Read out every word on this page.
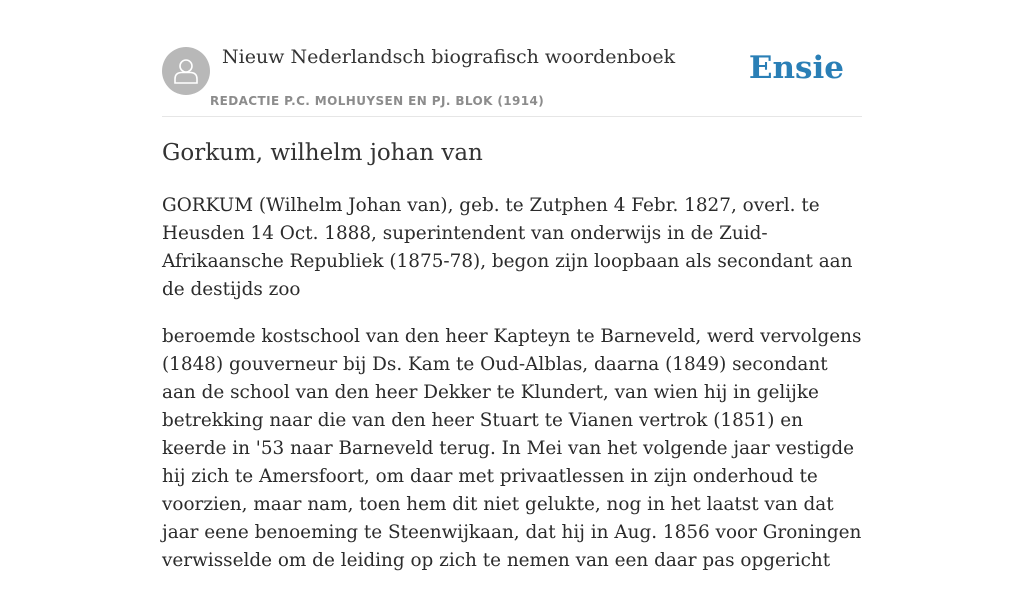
Nieuw Nederlandsch biografisch woordenboek
REDACTIE P.C. MOLHUYSEN EN PJ. BLOK (1914)
Ensie
Gorkum, wilhelm johan van

GORKUM (Wilhelm Johan van), geb. te Zutphen 4 Febr. 1827, overl. te Heusden 14 Oct. 1888, superintendent van onderwijs in de Zuid-Afrikaansche Republiek (1875-78), begon zijn loopbaan als secondant aan de destijds zoo

beroemde kostschool van den heer Kapteyn te Barneveld, werd vervolgens (1848) gouverneur bij Ds. Kam te Oud-Alblas, daarna (1849) secondant aan de school van den heer Dekker te Klundert, van wien hij in gelijke betrekking naar die van den heer Stuart te Vianen vertrok (1851) en keerde in '53 naar Barneveld terug. In Mei van het volgende jaar vestigde hij zich te Amersfoort, om daar met privaatlessen in zijn onderhoud te voorzien, maar nam, toen hem dit niet gelukte, nog in het laatst van dat jaar eene benoeming te Steenwijkaan, dat hij in Aug. 1856 voor Groningen verwisselde om de leiding op zich te nemen van een daar pas opgericht
